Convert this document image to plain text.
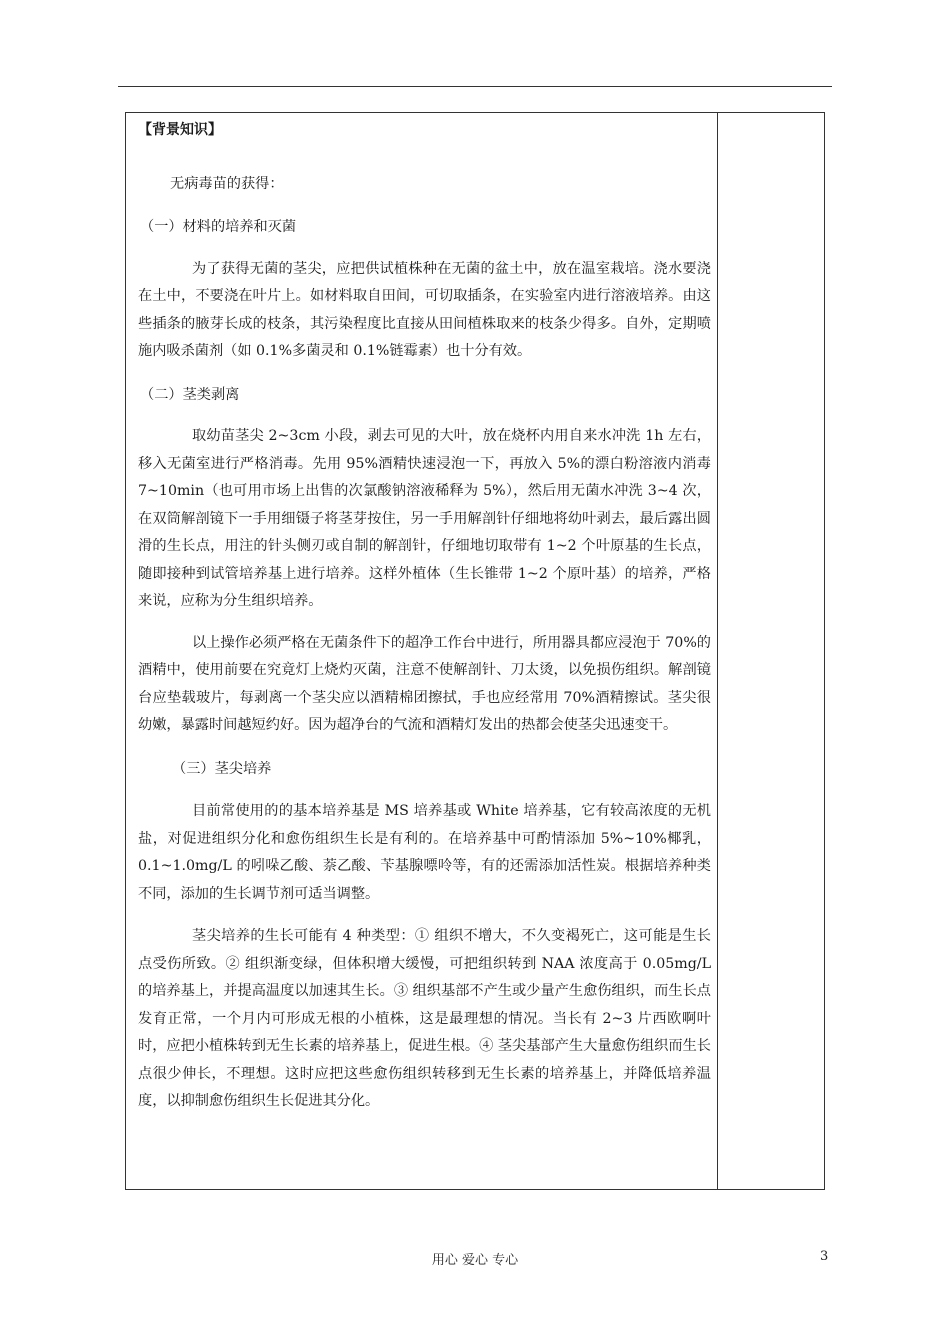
【背景知识】

无病毒苗的获得：

（一）材料的培养和灭菌

为了获得无菌的茎尖，应把供试植株种在无菌的盆土中，放在温室栽培。浇水要浇在土中，不要浇在叶片上。如材料取自田间，可切取插条，在实验室内进行溶液培养。由这些插条的腋芽长成的枝条，其污染程度比直接从田间植株取来的枝条少得多。自外，定期喷施内吸杀菌剂（如 0.1%多菌灵和 0.1%链霉素）也十分有效。

（二）茎类剥离

取幼苗茎尖 2~3cm 小段，剥去可见的大叶，放在烧杯内用自来水冲洗 1h 左右，移入无菌室进行严格消毒。先用 95%酒精快速浸泡一下，再放入 5%的漂白粉溶液内消毒 7~10min（也可用市场上出售的次氯酸钠溶液稀释为 5%），然后用无菌水冲洗 3~4 次，在双筒解剖镜下一手用细镊子将茎芽按住，另一手用解剖针仔细地将幼叶剥去，最后露出圆滑的生长点，用注的针头侧刃或自制的解剖针，仔细地切取带有 1~2 个叶原基的生长点，随即接种到试管培养基上进行培养。这样外植体（生长锥带 1~2 个原叶基）的培养，严格来说，应称为分生组织培养。

以上操作必须严格在无菌条件下的超净工作台中进行，所用器具都应浸泡于 70%的酒精中，使用前要在究竟灯上烧灼灭菌，注意不使解剖针、刀太烫，以免损伤组织。解剖镜台应垫载玻片，每剥离一个茎尖应以酒精棉团擦拭，手也应经常用 70%酒精擦试。茎尖很幼嫩，暴露时间越短约好。因为超净台的气流和酒精灯发出的热都会使茎尖迅速变干。

（三）茎尖培养

目前常使用的的基本培养基是 MS 培养基或 White 培养基，它有较高浓度的无机盐，对促进组织分化和愈伤组织生长是有利的。在培养基中可酌情添加 5%~10%椰乳，0.1~1.0mg/L 的吲哚乙酸、萘乙酸、苄基腺嘌呤等，有的还需添加活性炭。根据培养种类不同，添加的生长调节剂可适当调整。

茎尖培养的生长可能有 4 种类型：① 组织不增大，不久变褐死亡，这可能是生长点受伤所致。② 组织渐变绿，但体积增大缓慢，可把组织转到 NAA 浓度高于 0.05mg/L 的培养基上，并提高温度以加速其生长。③ 组织基部不产生或少量产生愈伤组织，而生长点发育正常，一个月内可形成无根的小植株，这是最理想的情况。当长有 2~3 片西欧啊叶时，应把小植株转到无生长素的培养基上，促进生根。④ 茎尖基部产生大量愈伤组织而生长点很少伸长，不理想。这时应把这些愈伤组织转移到无生长素的培养基上，并降低培养温度，以抑制愈伤组织生长促进其分化。

用心 爱心 专心	3
